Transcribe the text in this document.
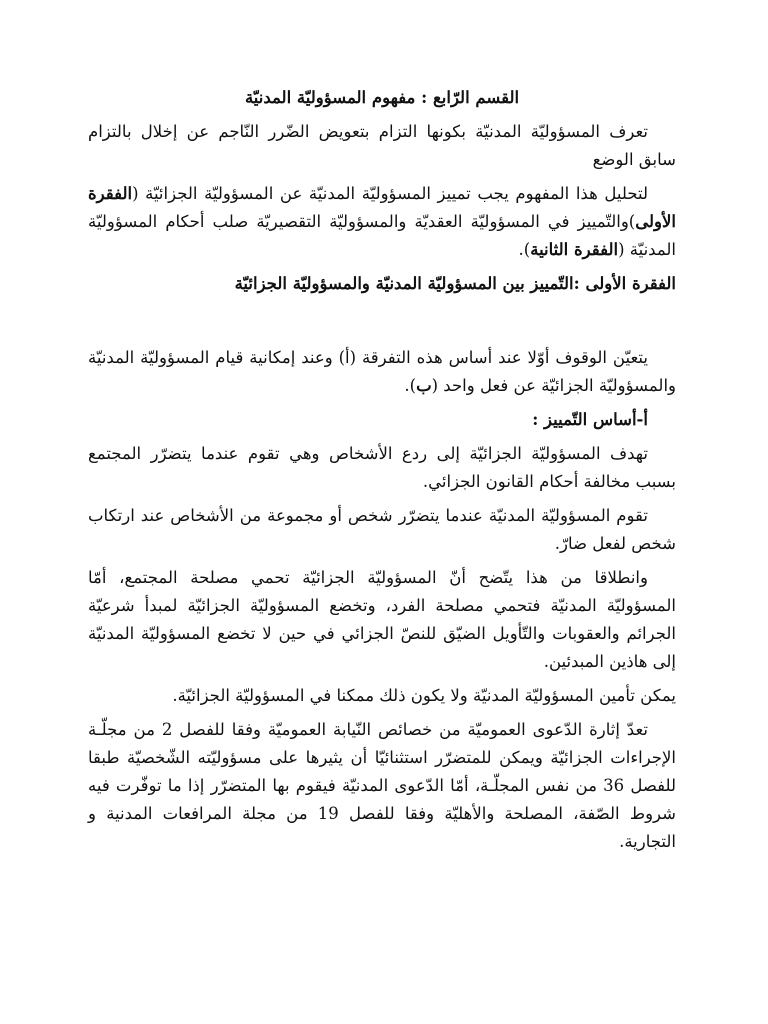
القسم الرّابع : مفهوم المسؤوليّة المدنيّة

تعرف المسؤوليّة المدنيّة بكونها التزام بتعويض الضّرر النّاجم عن إخلال بالتزام سابق الوضع

لتحليل هذا المفهوم يجب تمييز المسؤوليّة المدنيّة عن المسؤوليّة الجزائيّة (الفقرة الأولى)والتّمييز في المسؤوليّة العقديّة والمسؤوليّة التقصيريّة صلب أحكام المسؤوليّة المدنيّة (الفقرة الثانية).

الفقرة الأولى :التّمييز بين المسؤوليّة المدنيّة والمسؤوليّة الجزائيّة

يتعيّن الوقوف أوّلا عند أساس هذه التفرقة (أ) وعند إمكانية قيام المسؤوليّة المدنيّة والمسؤوليّة الجزائيّة عن فعل واحد (ب).

أ-أساس التّمييز :

تهدف المسؤوليّة الجزائيّة إلى ردع الأشخاص وهي تقوم عندما يتضرّر المجتمع بسبب مخالفة أحكام القانون الجزائي.

تقوم المسؤوليّة المدنيّة عندما يتضرّر شخص أو مجموعة من الأشخاص عند ارتكاب شخص لفعل ضارّ.

وانطلاقا من هذا يتّضح أنّ المسؤوليّة الجزائيّة تحمي مصلحة المجتمع، أمّا المسؤوليّة المدنيّة فتحمي مصلحة الفرد، وتخضع المسؤوليّة الجزائيّة لمبدأ شرعيّة الجرائم والعقوبات والتّأويل الضيّق للنصّ الجزائي في حين لا تخضع المسؤوليّة المدنيّة إلى هاذين المبدئين.

يمكن تأمين المسؤوليّة المدنيّة ولا يكون ذلك ممكنا في المسؤوليّة الجزائيّة.

تعدّ إثارة الدّعوى العموميّة من خصائص النّيابة العموميّة وفقا للفصل 2 من مجلّـة الإجراءات الجزائيّة ويمكن للمتضرّر استثنائيّا أن يثيرها على مسؤوليّته الشّخصيّة طبقا للفصل 36 من نفس المجلّـة، أمّا الدّعوى المدنيّة فيقوم بها المتضرّر إذا ما توفّرت فيه شروط الصّفة، المصلحة والأهليّة وفقا للفصل 19 من مجلة المرافعات المدنية و التجارية.
